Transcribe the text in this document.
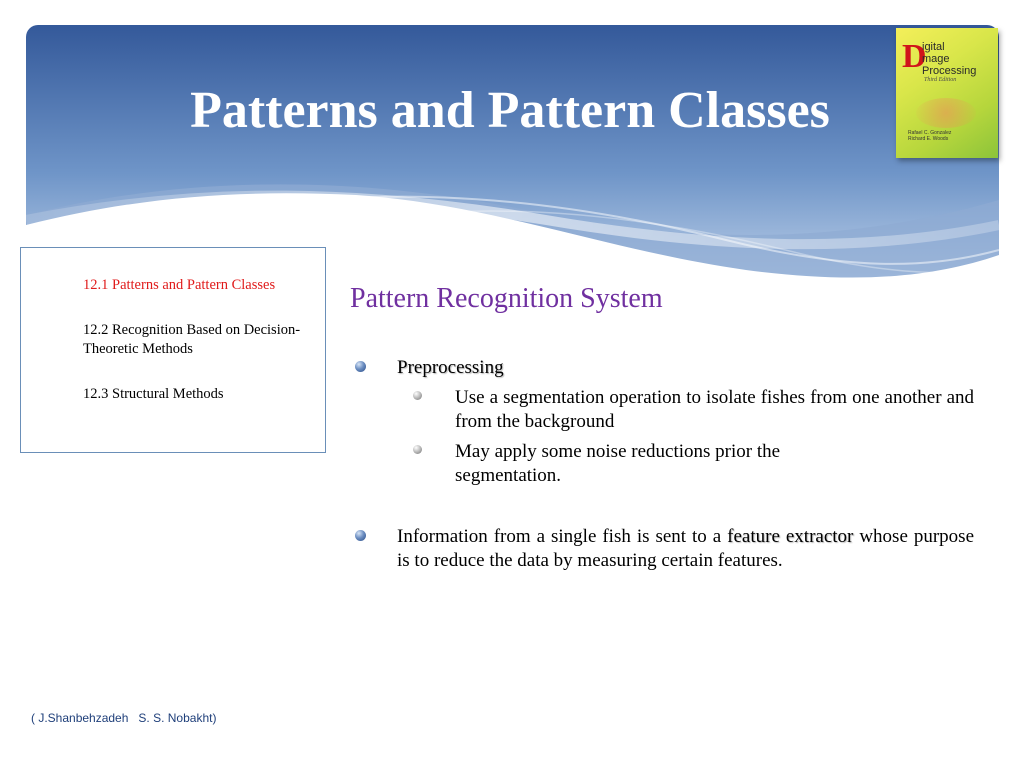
Patterns and Pattern Classes
D
igital
mage
Processing
Third Edition
Rafael C. Gonzalez
Richard E. Woods
12.1 Patterns and Pattern Classes
12.2 Recognition Based on Decision-Theoretic Methods
12.3 Structural Methods
Pattern Recognition System
Preprocessing
Use a segmentation operation to isolate fishes from one another and from the background
May apply some noise reductions prior the segmentation.
Information from a single fish is sent to a feature extractor whose purpose is to reduce the data by measuring certain features.
( J.Shanbehzadeh   S. S. Nobakht)
